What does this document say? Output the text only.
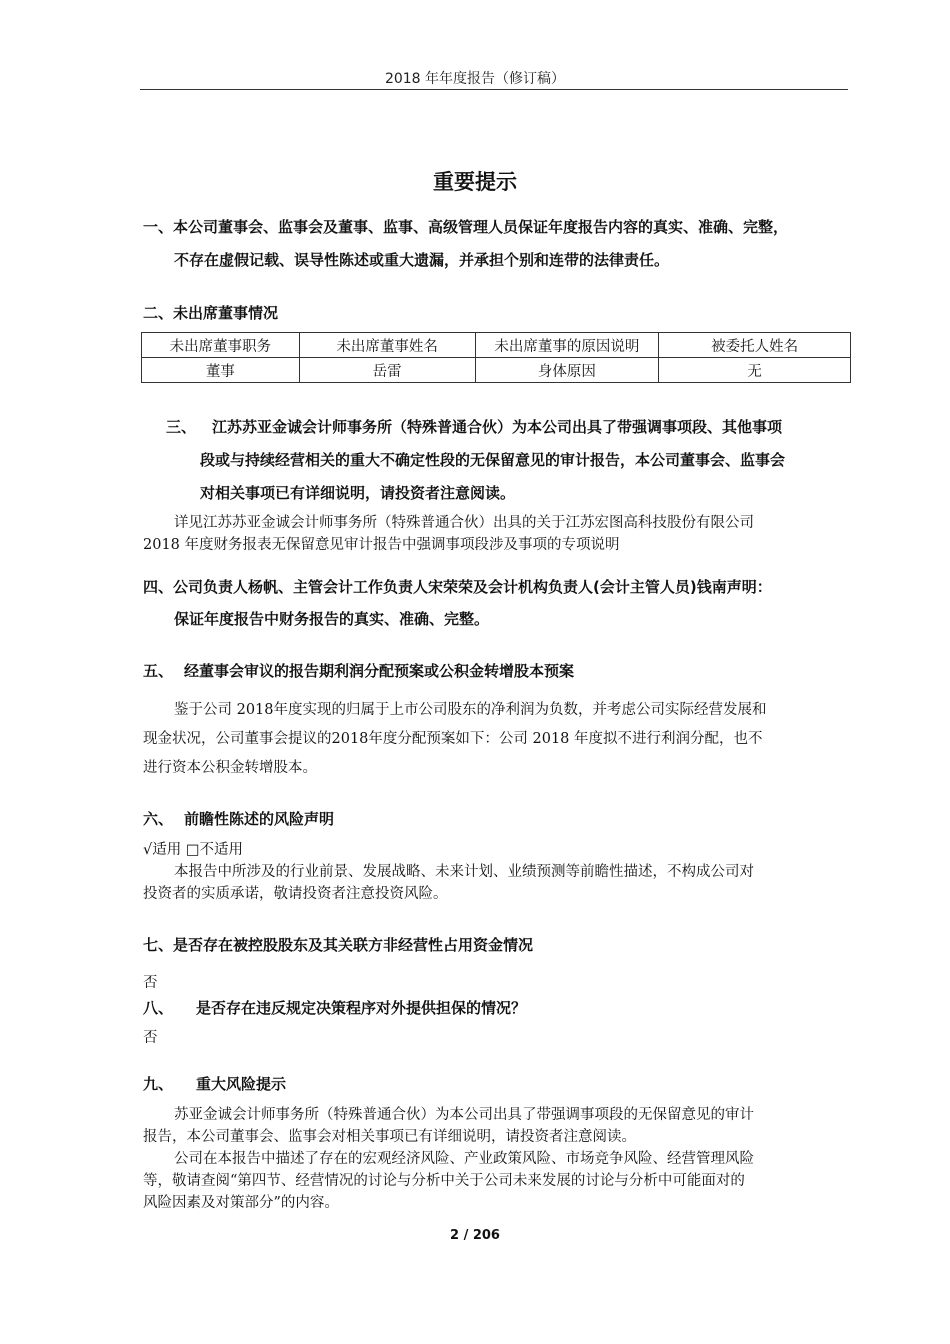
2018 年年度报告（修订稿）
重要提示
一、本公司董事会、监事会及董事、监事、高级管理人员保证年度报告内容的真实、准确、完整，
不存在虚假记载、误导性陈述或重大遗漏，并承担个别和连带的法律责任。
二、未出席董事情况
未出席董事职务	未出席董事姓名	未出席董事的原因说明	被委托人姓名
董事	岳雷	身体原因	无
三、 江苏苏亚金诚会计师事务所（特殊普通合伙）为本公司出具了带强调事项段、其他事项
段或与持续经营相关的重大不确定性段的无保留意见的审计报告，本公司董事会、监事会
对相关事项已有详细说明，请投资者注意阅读。
详见江苏苏亚金诚会计师事务所（特殊普通合伙）出具的关于江苏宏图高科技股份有限公司
2018 年度财务报表无保留意见审计报告中强调事项段涉及事项的专项说明
四、公司负责人杨帆、主管会计工作负责人宋荣荣及会计机构负责人(会计主管人员)钱南声明：
保证年度报告中财务报告的真实、准确、完整。
五、 经董事会审议的报告期利润分配预案或公积金转增股本预案
鉴于公司 2018年度实现的归属于上市公司股东的净利润为负数，并考虑公司实际经营发展和
现金状况，公司董事会提议的2018年度分配预案如下：公司 2018 年度拟不进行利润分配，也不
进行资本公积金转增股本。
六、 前瞻性陈述的风险声明
√适用 □不适用
本报告中所涉及的行业前景、发展战略、未来计划、业绩预测等前瞻性描述，不构成公司对
投资者的实质承诺，敬请投资者注意投资风险。
七、是否存在被控股股东及其关联方非经营性占用资金情况
否
八、 是否存在违反规定决策程序对外提供担保的情况？
否
九、 重大风险提示
苏亚金诚会计师事务所（特殊普通合伙）为本公司出具了带强调事项段的无保留意见的审计
报告，本公司董事会、监事会对相关事项已有详细说明，请投资者注意阅读。
公司在本报告中描述了存在的宏观经济风险、产业政策风险、市场竞争风险、经营管理风险
等，敬请查阅“第四节、经营情况的讨论与分析中关于公司未来发展的讨论与分析中可能面对的
风险因素及对策部分”的内容。
2 / 206
